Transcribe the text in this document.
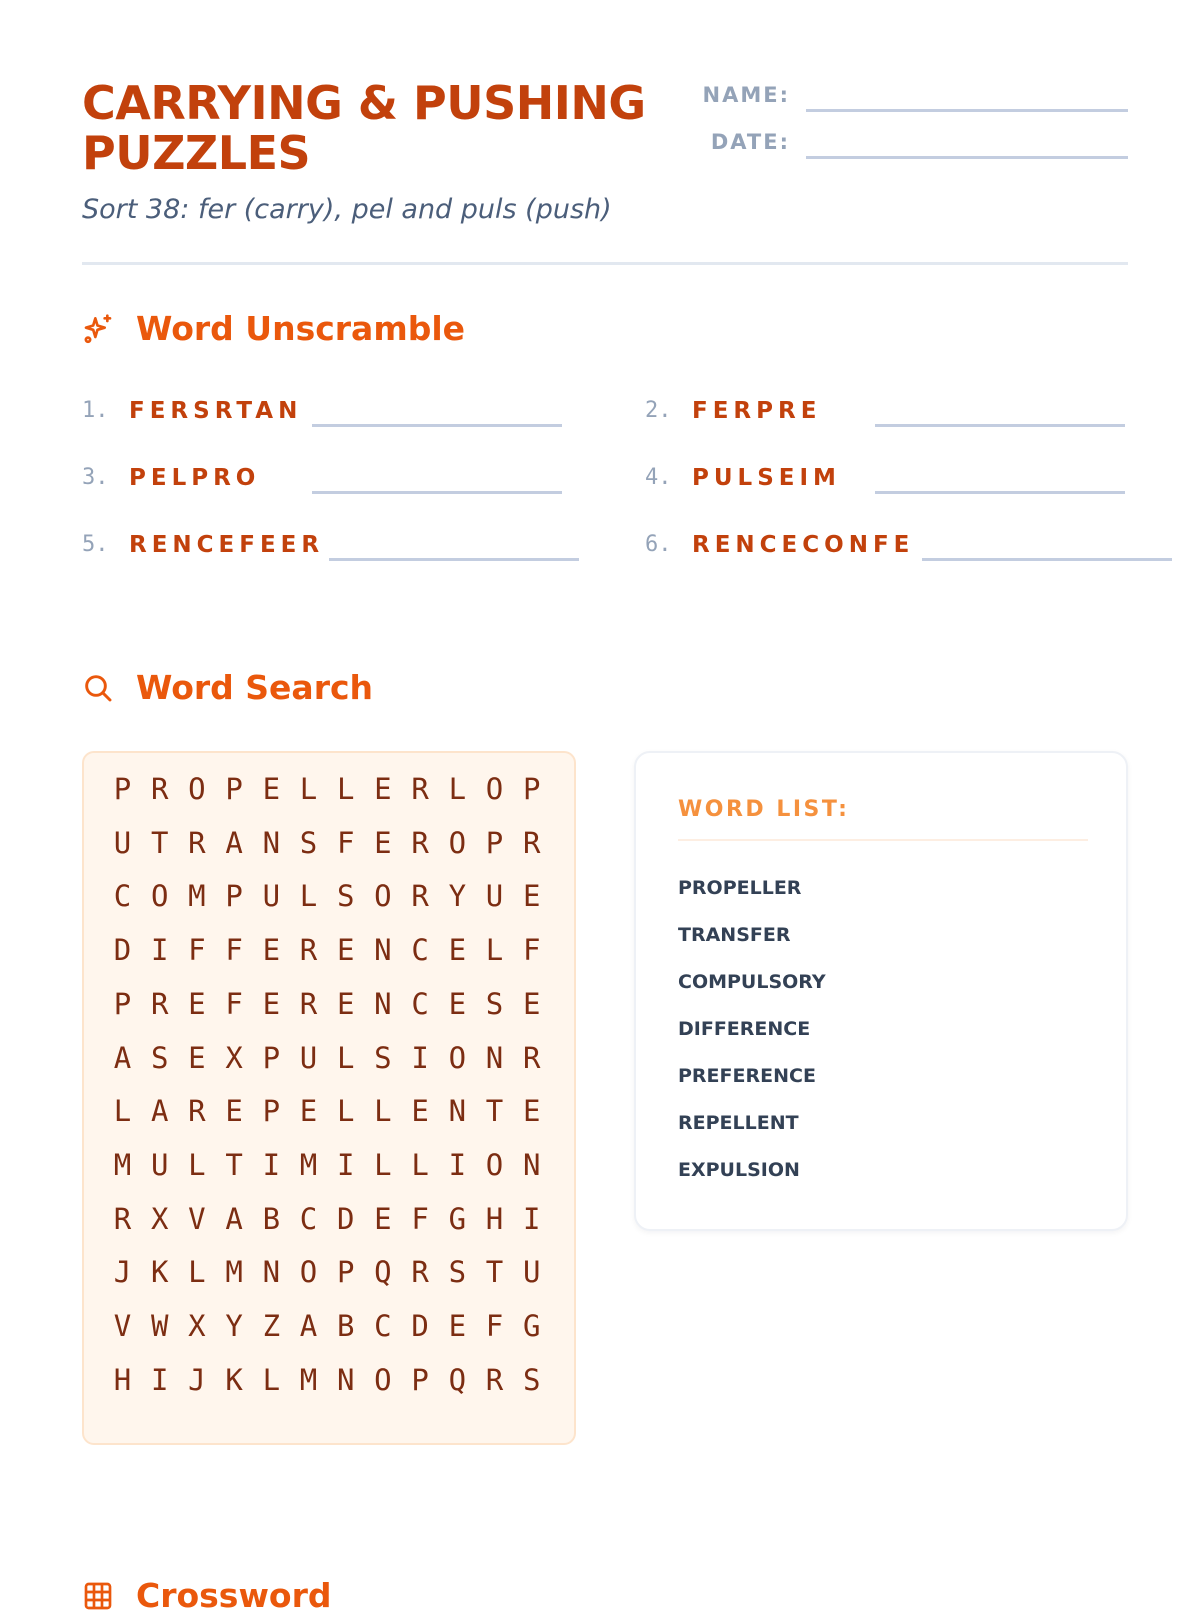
CARRYING & PUSHING PUZZLES
NAME:
DATE:
Sort 38: fer (carry), pel and puls (push)
Word Unscramble
1. FERSRTAN	2. FERPRE
3. PELPRO	4. PULSEIM
5. RENCEFEER	6. RENCECONFE
Word Search
P R O P E L L E R L O P
U T R A N S F E R O P R
C O M P U L S O R Y U E
D I F F E R E N C E L F
P R E F E R E N C E S E
A S E X P U L S I O N R
L A R E P E L L E N T E
M U L T I M I L L I O N
R X V A B C D E F G H I
J K L M N O P Q R S T U
V W X Y Z A B C D E F G
H I J K L M N O P Q R S
WORD LIST:
PROPELLER
TRANSFER
COMPULSORY
DIFFERENCE
PREFERENCE
REPELLENT
EXPULSION
Crossword
